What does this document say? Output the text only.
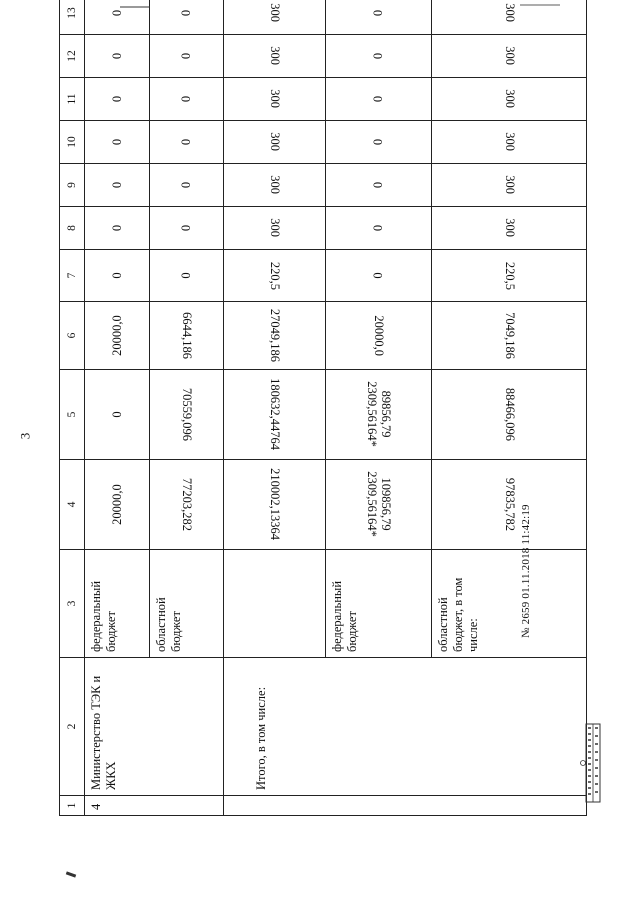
3
1	2	3	4	5	6	7	8	9	10	11	12	13	
4	Министерство ТЭК и ЖКХ	федеральный бюджет	20000,0	0	20000,0	0	0	0	0	0	0	0	
		областной бюджет	77203,282	70559,096	6644,186	0	0	0	0	0	0	0	
	Итого, в том числе:		210002,13364	180632,44764	27049,186	220,5	300	300	300	300	300	300	
		федеральный бюджет	109856,79 2309,56164*	89856,79 2309,56164*	20000,0	0	0	0	0	0	0	0	
		областной бюджет, в том числе:	97835,782	88466,096	7049,186	220,5	300	300	300	300	300	300	
№ 2659 01.11.2018 11:42:19
